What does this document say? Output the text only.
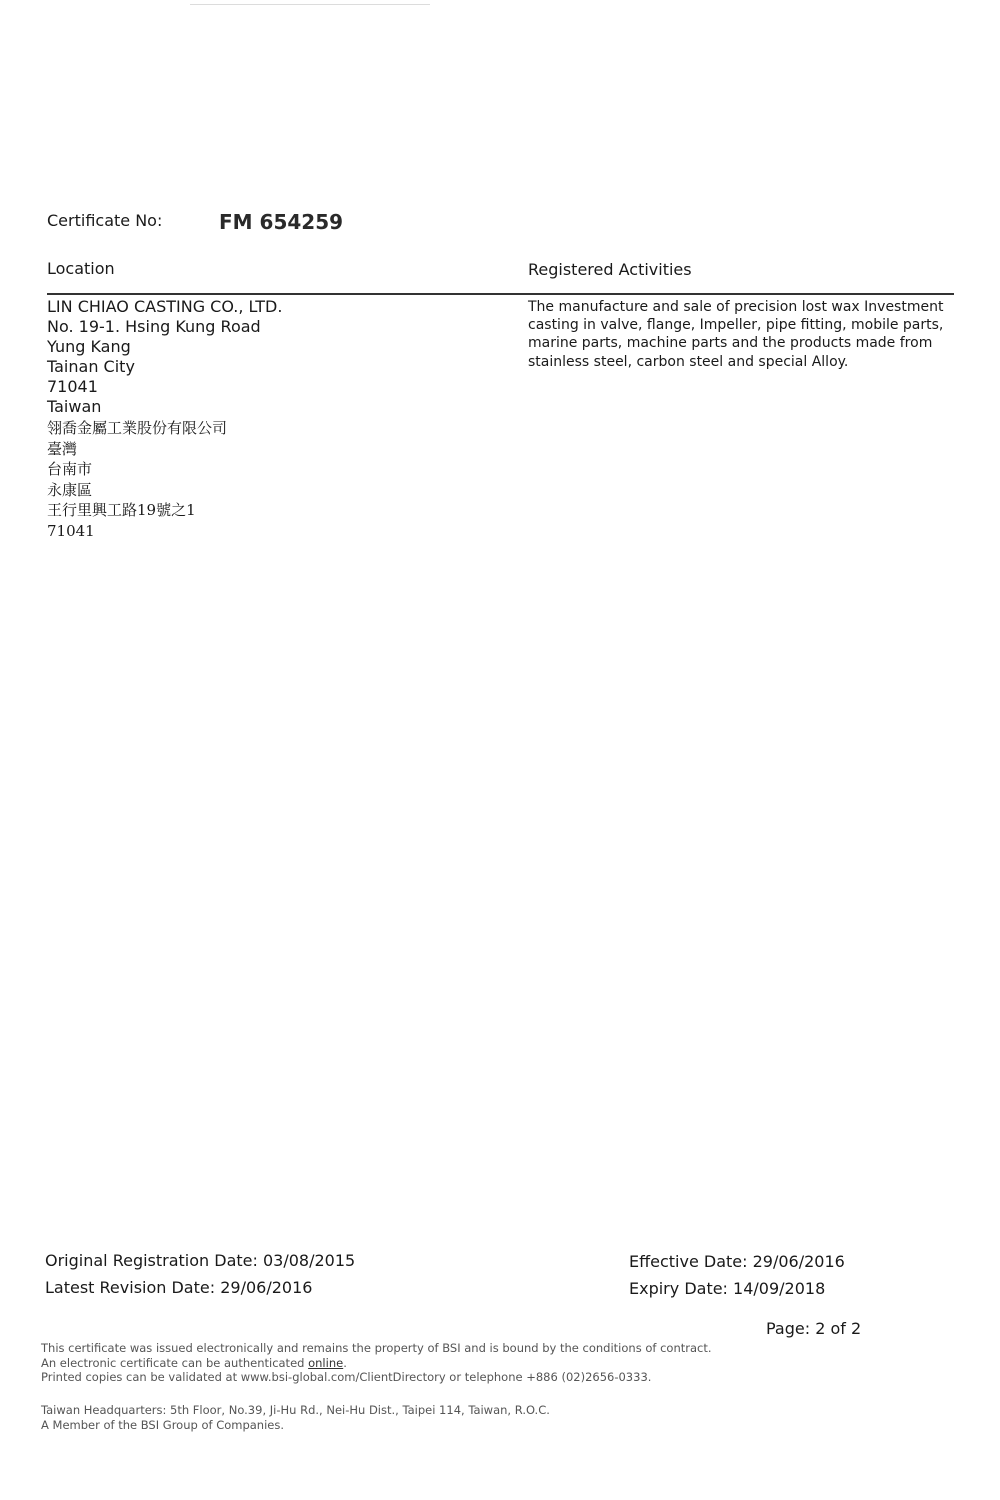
Certificate No:	FM 654259
Location	Registered Activities
LIN CHIAO CASTING CO., LTD.
No. 19-1. Hsing Kung Road
Yung Kang
Tainan City
71041
Taiwan
翎喬金屬工業股份有限公司
臺灣
台南市
永康區
王行里興工路19號之1
71041
The manufacture and sale of precision lost wax Investment casting in valve, flange, Impeller, pipe fitting, mobile parts, marine parts, machine parts and the products made from stainless steel, carbon steel and special Alloy.
Original Registration Date: 03/08/2015
Latest Revision Date: 29/06/2016
Effective Date: 29/06/2016
Expiry Date: 14/09/2018
Page: 2 of 2
This certificate was issued electronically and remains the property of BSI and is bound by the conditions of contract.
An electronic certificate can be authenticated online.
Printed copies can be validated at www.bsi-global.com/ClientDirectory or telephone +886 (02)2656-0333.
Taiwan Headquarters: 5th Floor, No.39, Ji-Hu Rd., Nei-Hu Dist., Taipei 114, Taiwan, R.O.C.
A Member of the BSI Group of Companies.
